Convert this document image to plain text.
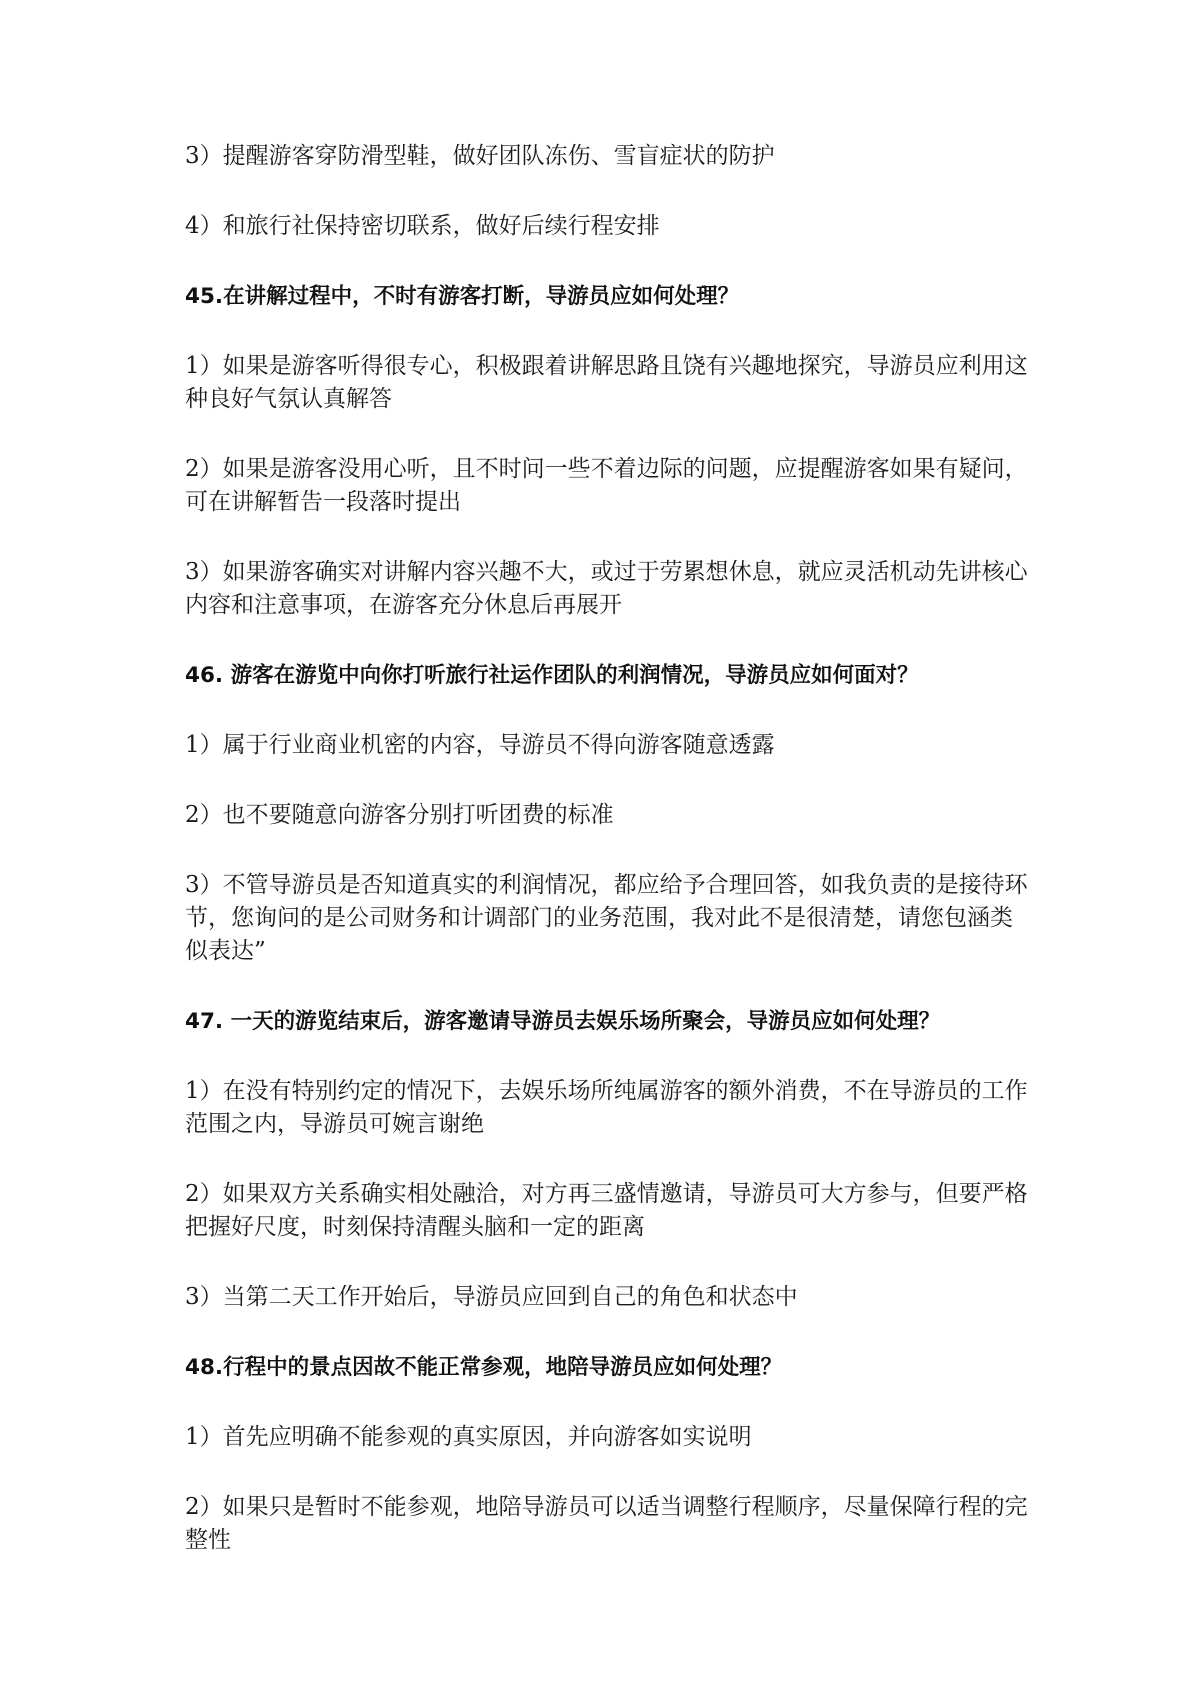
3）提醒游客穿防滑型鞋，做好团队冻伤、雪盲症状的防护

4）和旅行社保持密切联系，做好后续行程安排

45.在讲解过程中，不时有游客打断，导游员应如何处理？

1）如果是游客听得很专心，积极跟着讲解思路且饶有兴趣地探究，导游员应利用这种良好气氛认真解答

2）如果是游客没用心听，且不时问一些不着边际的问题，应提醒游客如果有疑问，可在讲解暂告一段落时提出

3）如果游客确实对讲解内容兴趣不大，或过于劳累想休息，就应灵活机动先讲核心内容和注意事项，在游客充分休息后再展开

46. 游客在游览中向你打听旅行社运作团队的利润情况，导游员应如何面对？

1）属于行业商业机密的内容，导游员不得向游客随意透露

2）也不要随意向游客分别打听团费的标准

3）不管导游员是否知道真实的利润情况，都应给予合理回答，如我负责的是接待环节，您询问的是公司财务和计调部门的业务范围，我对此不是很清楚，请您包涵类似表达”

47. 一天的游览结束后，游客邀请导游员去娱乐场所聚会，导游员应如何处理？

1）在没有特别约定的情况下，去娱乐场所纯属游客的额外消费，不在导游员的工作范围之内，导游员可婉言谢绝

2）如果双方关系确实相处融洽，对方再三盛情邀请，导游员可大方参与，但要严格把握好尺度，时刻保持清醒头脑和一定的距离

3）当第二天工作开始后，导游员应回到自己的角色和状态中

48.行程中的景点因故不能正常参观，地陪导游员应如何处理？

1）首先应明确不能参观的真实原因，并向游客如实说明

2）如果只是暂时不能参观，地陪导游员可以适当调整行程顺序，尽量保障行程的完整性
